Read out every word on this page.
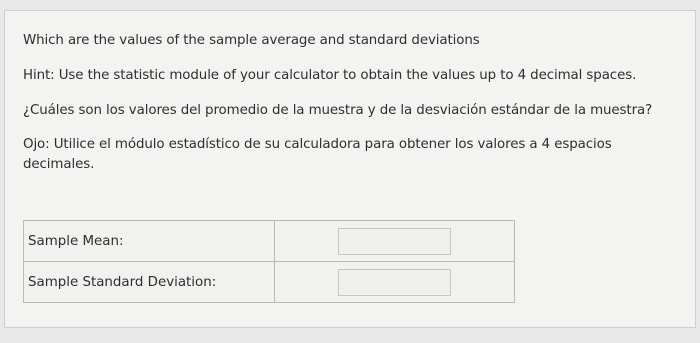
Which are the values of the sample average and standard deviations
Hint: Use the statistic module of your calculator to obtain the values up to 4 decimal spaces.
¿Cuáles son los valores del promedio de la muestra y de la desviación estándar de la muestra?
Ojo: Utilice el módulo estadístico de su calculadora para obtener los valores a 4 espacios decimales.
Sample Mean:	

Sample Standard Deviation:	
